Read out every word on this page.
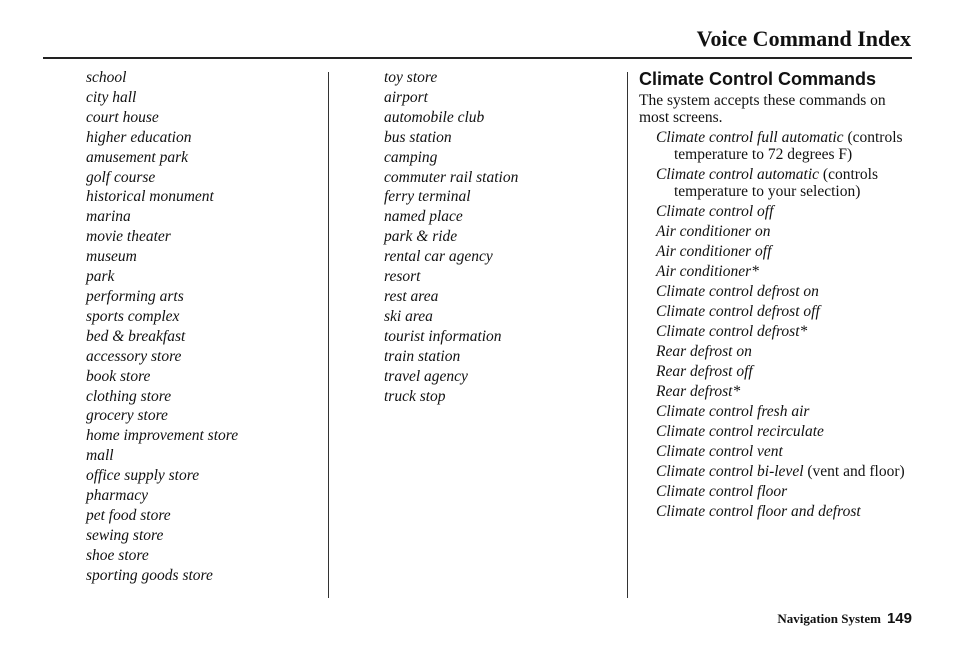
Voice Command Index
school
city hall
court house
higher education
amusement park
golf course
historical monument
marina
movie theater
museum
park
performing arts
sports complex
bed & breakfast
accessory store
book store
clothing store
grocery store
home improvement store
mall
office supply store
pharmacy
pet food store
sewing store
shoe store
sporting goods store
toy store
airport
automobile club
bus station
camping
commuter rail station
ferry terminal
named place
park & ride
rental car agency
resort
rest area
ski area
tourist information
train station
travel agency
truck stop
Climate Control Commands

The system accepts these commands on most screens.

Climate control full automatic (controls temperature to 72 degrees F)
Climate control automatic (controls temperature to your selection)
Climate control off
Air conditioner on
Air conditioner off
Air conditioner*
Climate control defrost on
Climate control defrost off
Climate control defrost*
Rear defrost on
Rear defrost off
Rear defrost*
Climate control fresh air
Climate control recirculate
Climate control vent
Climate control bi-level (vent and floor)
Climate control floor
Climate control floor and defrost
Navigation System 149
